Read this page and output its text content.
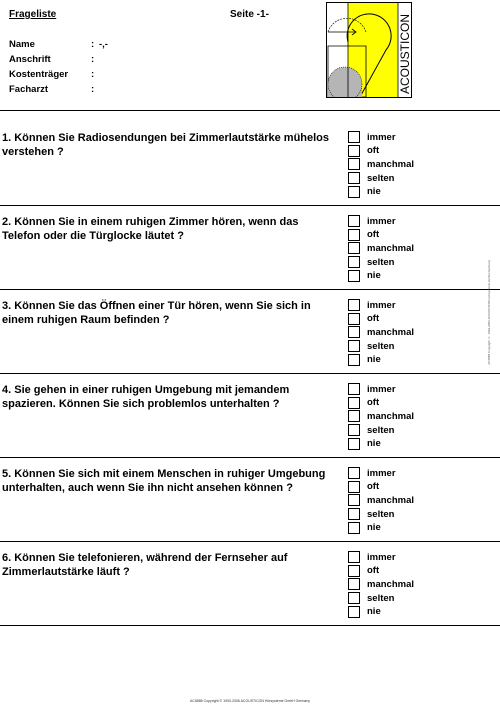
Frageliste	Seite -1-
Name	: -,-
Anschrift	:
Kostenträger :
Facharzt	:	ACOUSTICON
1. Können Sie Radiosendungen bei Zimmerlautstärke mühelos verstehen ?
immer
oft
manchmal
selten
nie
2. Können Sie in einem ruhigen Zimmer hören, wenn das Telefon oder die Türglocke läutet ?
immer
oft
manchmal
selten
nie
3. Können Sie das Öffnen einer Tür hören, wenn Sie sich in einem ruhigen Raum befinden ?
immer
oft
manchmal
selten
nie
4. Sie gehen in einer ruhigen Umgebung mit jemandem spazieren. Können Sie sich problemlos unterhalten ?
immer
oft
manchmal
selten
nie
5. Können Sie sich mit einem Menschen in ruhiger Umgebung unterhalten, auch wenn Sie ihn nicht ansehen können ?
immer
oft
manchmal
selten
nie
6. Können Sie telefonieren, während der Fernseher auf Zimmerlautstärke läuft ?
immer
oft
manchmal
selten
nie
AC6888 Copyright © 1993-2006 ACOUSTICON Hörsysteme GmbH Germany
AC6888 Copyright © 1993-2006 ACOUSTICON Hörsysteme GmbH Germany
